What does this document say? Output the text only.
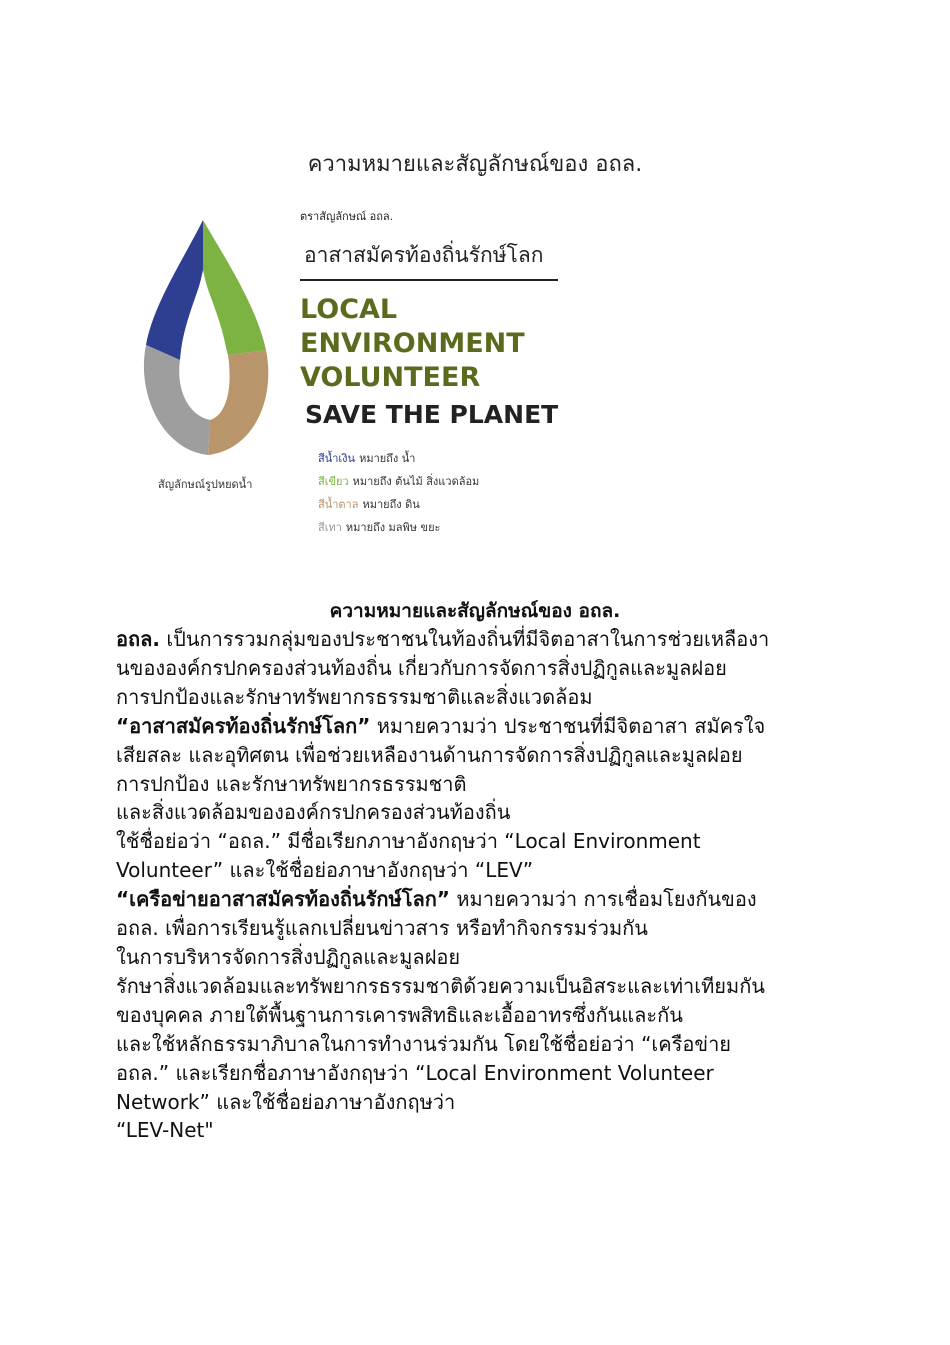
ความหมายและสัญลักษณ์ของ อถล.
สัญลักษณ์รูปหยดน้ำ
ตราสัญลักษณ์ อถล.
อาสาสมัครท้องถิ่นรักษ์โลก
LOCAL
ENVIRONMENT
VOLUNTEER
SAVE THE PLANET
สีน้ำเงิน หมายถึง น้ำ
สีเขียว หมายถึง ต้นไม้ สิ่งแวดล้อม
สีน้ำตาล หมายถึง ดิน
สีเทา หมายถึง มลพิษ ขยะ
ความหมายและสัญลักษณ์ของ อถล.

อถล. เป็นการรวมกลุ่มของประชาชนในท้องถิ่นที่มีจิตอาสาในการช่วยเหลืองา

นขององค์กรปกครองส่วนท้องถิ่น เกี่ยวกับการจัดการสิ่งปฏิกูลและมูลฝอย

การปกป้องและรักษาทรัพยากรธรรมชาติและสิ่งแวดล้อม

“อาสาสมัครท้องถิ่นรักษ์โลก” หมายความว่า ประชาชนที่มีจิตอาสา สมัครใจ

เสียสละ และอุทิศตน เพื่อช่วยเหลืองานด้านการจัดการสิ่งปฏิกูลและมูลฝอย

การปกป้อง และรักษาทรัพยากรธรรมชาติ

และสิ่งแวดล้อมขององค์กรปกครองส่วนท้องถิ่น

ใช้ชื่อย่อว่า “อถล.” มีชื่อเรียกภาษาอังกฤษว่า “Local Environment

Volunteer” และใช้ชื่อย่อภาษาอังกฤษว่า “LEV”

“เครือข่ายอาสาสมัครท้องถิ่นรักษ์โลก” หมายความว่า การเชื่อมโยงกันของ

อถล. เพื่อการเรียนรู้แลกเปลี่ยนข่าวสาร หรือทำกิจกรรมร่วมกัน

ในการบริหารจัดการสิ่งปฏิกูลและมูลฝอย

รักษาสิ่งแวดล้อมและทรัพยากรธรรมชาติด้วยความเป็นอิสระและเท่าเทียมกัน

ของบุคคล ภายใต้พื้นฐานการเคารพสิทธิและเอื้ออาทรซึ่งกันและกัน

และใช้หลักธรรมาภิบาลในการทำงานร่วมกัน โดยใช้ชื่อย่อว่า “เครือข่าย

อถล.” และเรียกชื่อภาษาอังกฤษว่า “Local Environment Volunteer

Network” และใช้ชื่อย่อภาษาอังกฤษว่า

“LEV-Net"
